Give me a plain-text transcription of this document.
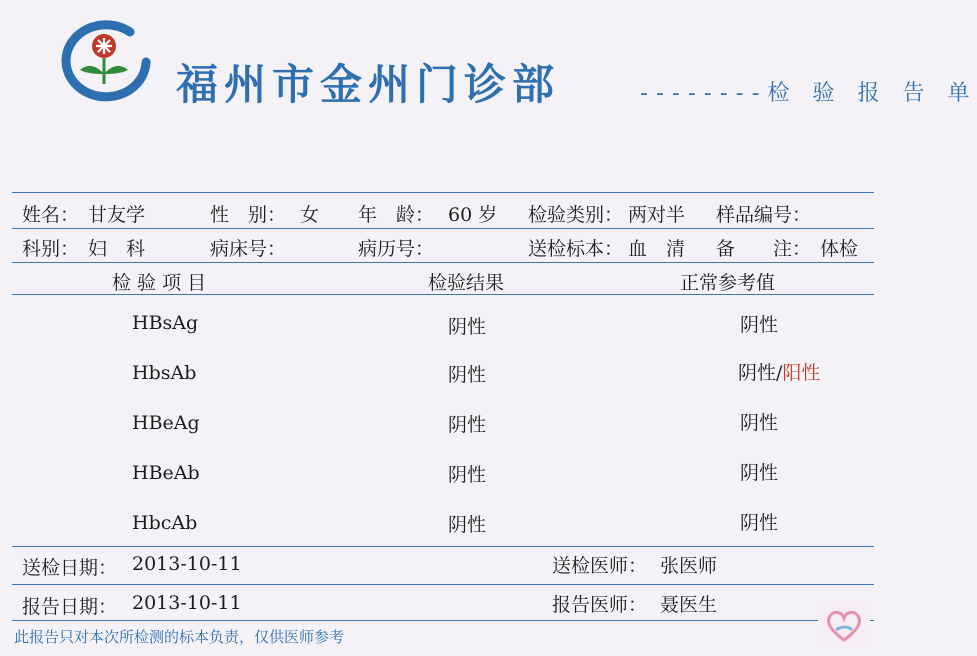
福州市金州门诊部	--------检 验 报 告 单
姓名： 甘友学	性　别： 女 年　龄： 60 岁 检验类别： 两对半 样品编号：
科别： 妇　科	病床号：	病历号：	送检标本： 血　清 备　　注： 体检
检 验 项 目	检验结果	正常参考值
HBsAg	阴性	阴性
HbsAb	阴性	阴性/阳性
HBeAg	阴性	阴性
HBeAb	阴性	阴性
HbcAb	阴性	阴性
送检日期： 2013-10-11	送检医师： 张医师
报告日期： 2013-10-11	报告医师： 聂医生
此报告只对本次所检测的标本负责，仅供医师参考
